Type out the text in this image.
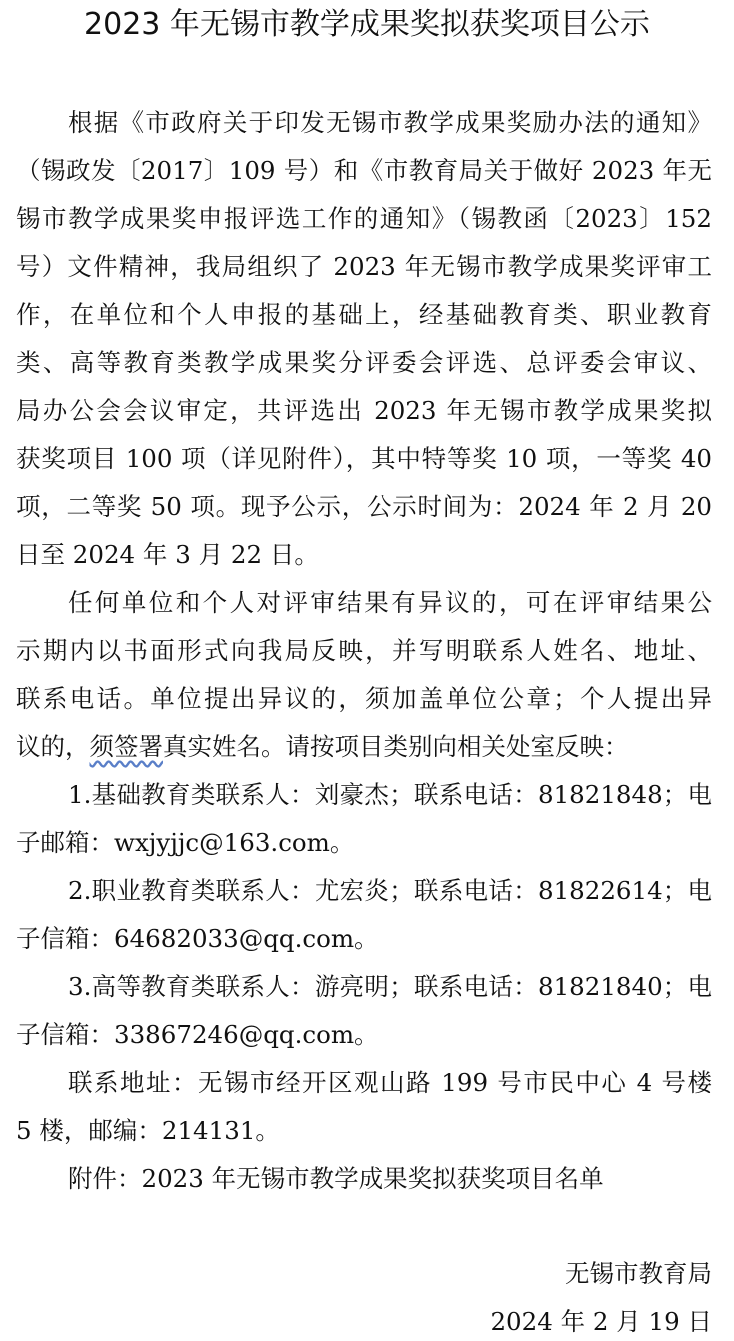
2023 年无锡市教学成果奖拟获奖项目公示
根据《市政府关于印发无锡市教学成果奖励办法的通知》
（锡政发〔2017〕109 号）和《市教育局关于做好 2023 年无
锡市教学成果奖申报评选工作的通知》（锡教函〔2023〕152
号）文件精神，我局组织了 2023 年无锡市教学成果奖评审工
作，在单位和个人申报的基础上，经基础教育类、职业教育
类、高等教育类教学成果奖分评委会评选、总评委会审议、
局办公会会议审定，共评选出 2023 年无锡市教学成果奖拟
获奖项目 100 项（详见附件），其中特等奖 10 项，一等奖 40
项，二等奖 50 项。现予公示，公示时间为：2024 年 2 月 20
日至 2024 年 3 月 22 日。
任何单位和个人对评审结果有异议的，可在评审结果公
示期内以书面形式向我局反映，并写明联系人姓名、地址、
联系电话。单位提出异议的，须加盖单位公章；个人提出异
议的，须签署真实姓名。请按项目类别向相关处室反映：
1.基础教育类联系人：刘豪杰；联系电话：81821848；电
子邮箱：wxjyjjc@163.com。
2.职业教育类联系人：尤宏炎；联系电话：81822614；电
子信箱：64682033@qq.com。
3.高等教育类联系人：游亮明；联系电话：81821840；电
子信箱：33867246@qq.com。
联系地址：无锡市经开区观山路 199 号市民中心 4 号楼
5 楼，邮编：214131。
附件：2023 年无锡市教学成果奖拟获奖项目名单
无锡市教育局
2024 年 2 月 19 日
